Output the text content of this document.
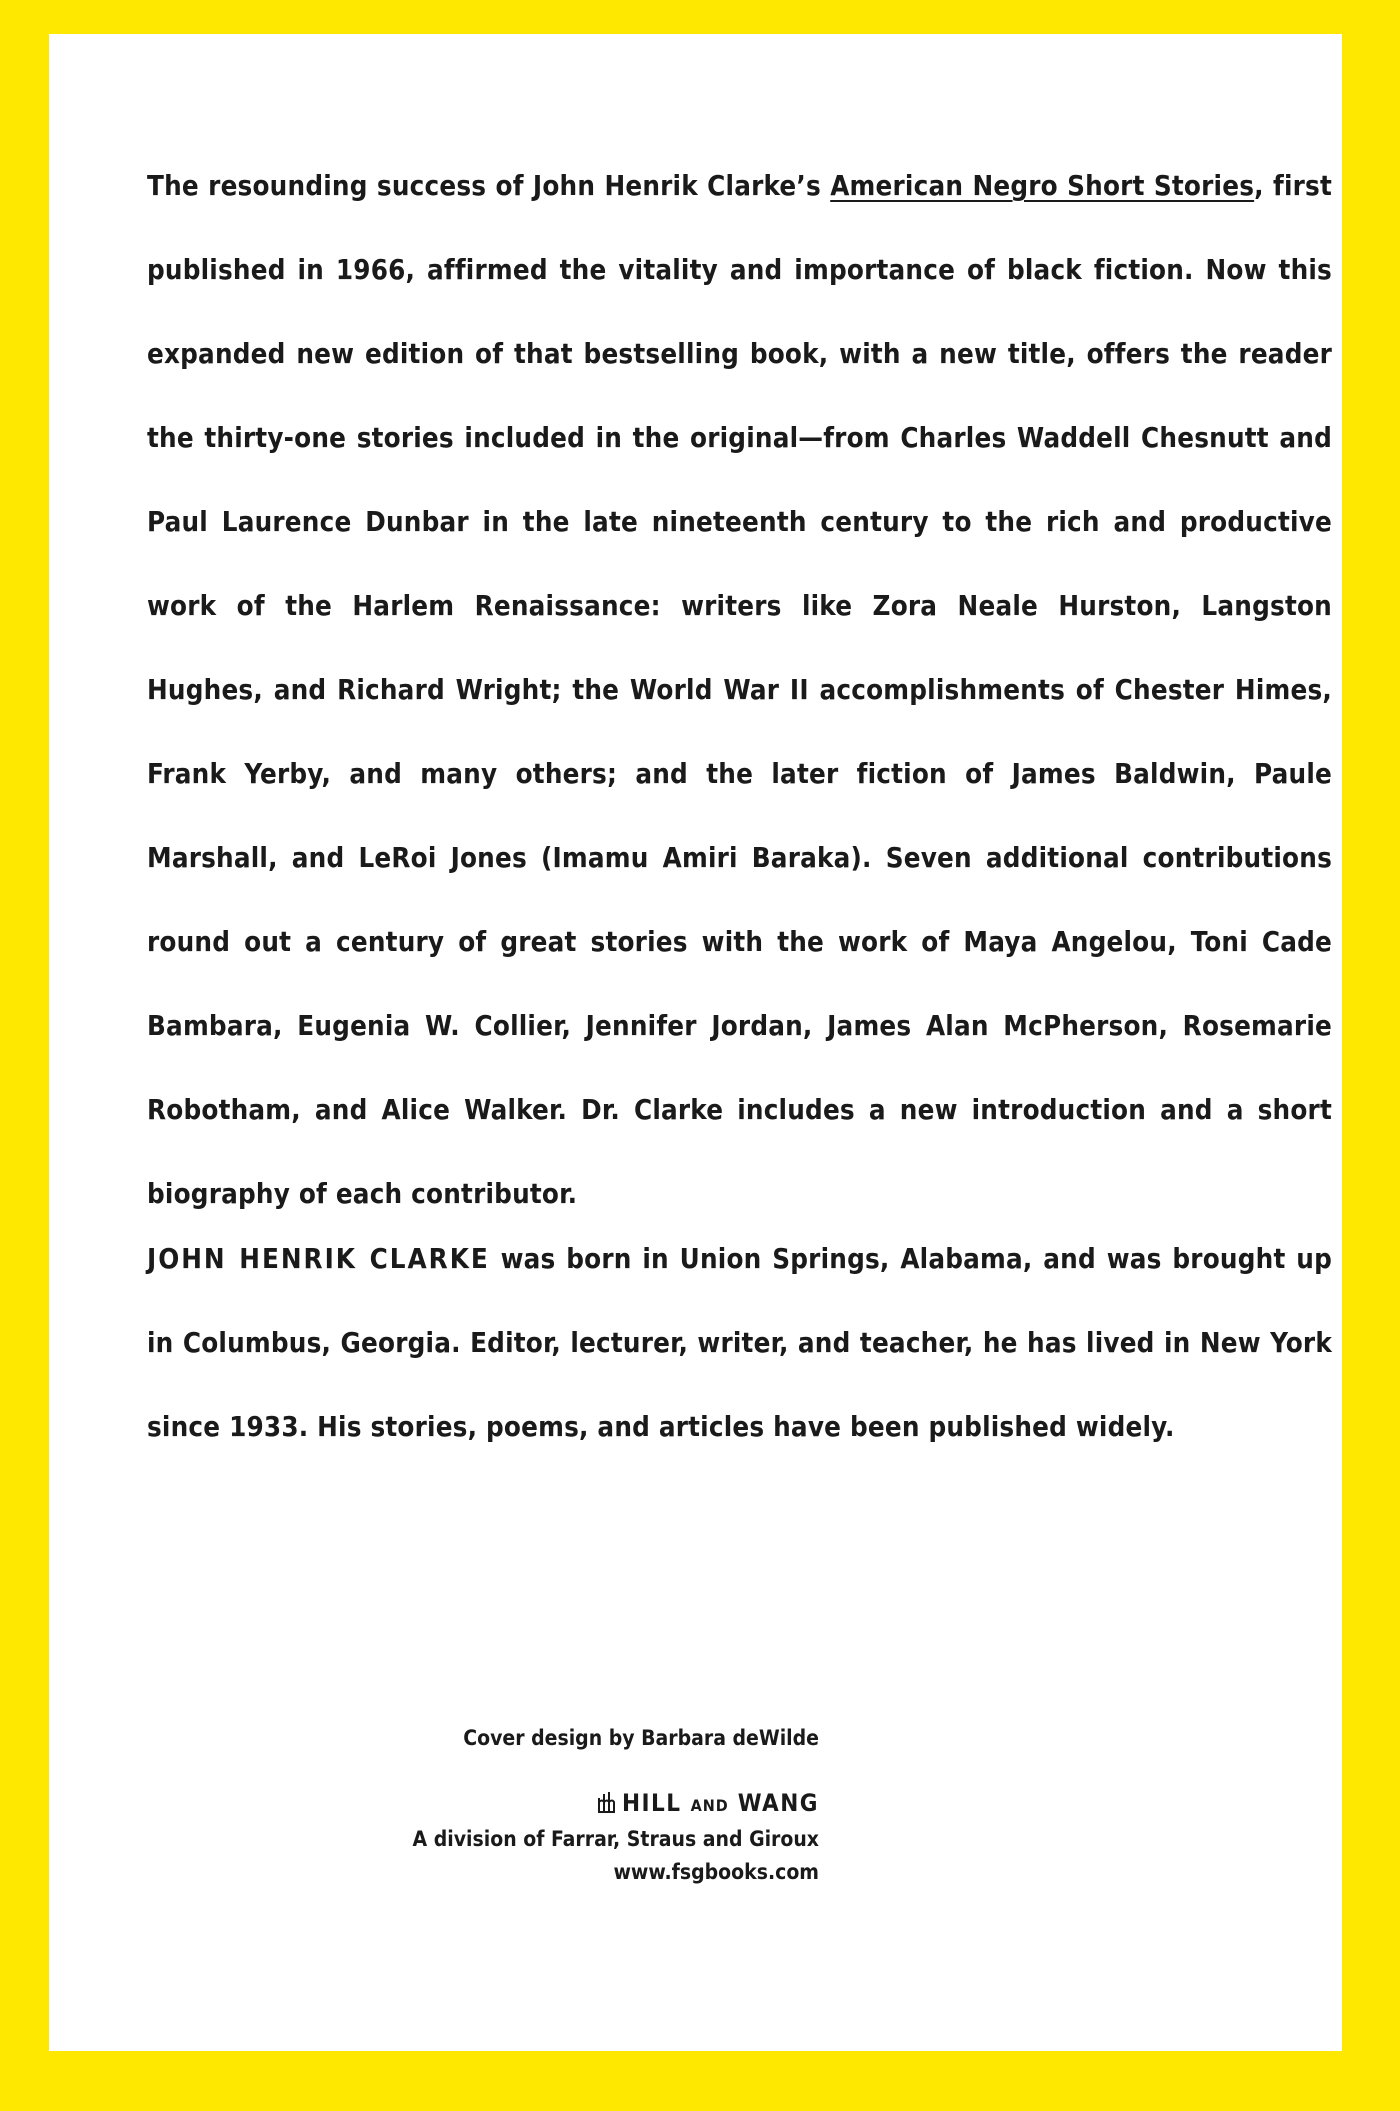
The resounding success of John Henrik Clarke’s American Negro Short Stories, first published in 1966, affirmed the vitality and importance of black fiction. Now this expanded new edition of that bestselling book, with a new title, offers the reader the thirty-one stories included in the original—from Charles Waddell Chesnutt and Paul Laurence Dunbar in the late nineteenth century to the rich and productive work of the Harlem Renaissance: writers like Zora Neale Hurston, Langston Hughes, and Richard Wright; the World War II accomplishments of Chester Himes, Frank Yerby, and many others; and the later fiction of James Baldwin, Paule Marshall, and LeRoi Jones (Imamu Amiri Baraka). Seven additional contributions round out a century of great stories with the work of Maya Angelou, Toni Cade Bambara, Eugenia W. Collier, Jennifer Jordan, James Alan McPherson, Rosemarie Robotham, and Alice Walker. Dr. Clarke includes a new introduction and a short biography of each contributor.

JOHN HENRIK CLARKE was born in Union Springs, Alabama, and was brought up in Columbus, Georgia. Editor, lecturer, writer, and teacher, he has lived in New York since 1933. His stories, poems, and articles have been published widely.

Cover design by Barbara deWilde
HILL AND WANG
A division of Farrar, Straus and Giroux
www.fsgbooks.com
